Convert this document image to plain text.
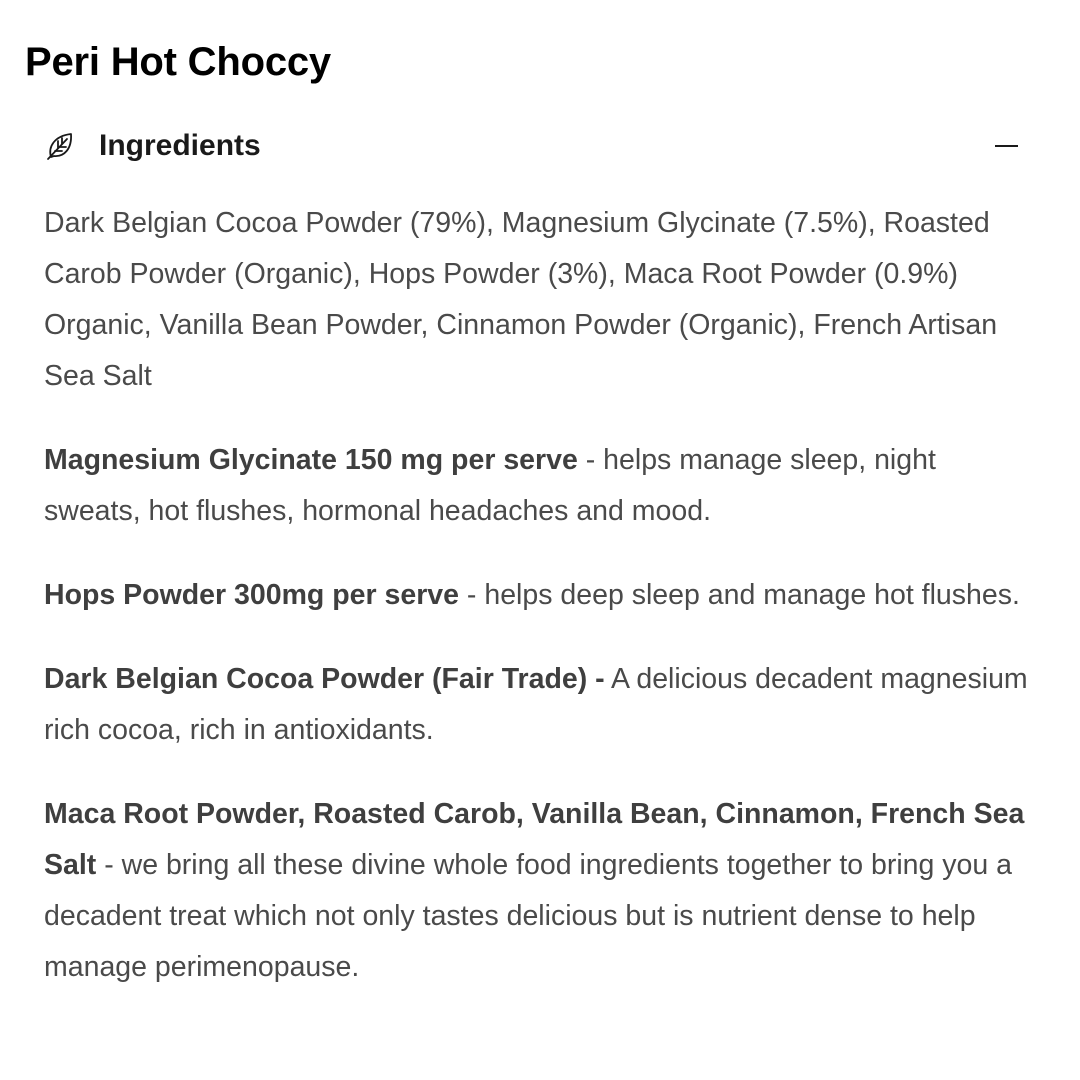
Peri Hot Choccy
Ingredients

Dark Belgian Cocoa Powder (79%), Magnesium Glycinate (7.5%), Roasted Carob Powder (Organic), Hops Powder (3%), Maca Root Powder (0.9%) Organic, Vanilla Bean Powder, Cinnamon Powder (Organic), French Artisan Sea Salt

Magnesium Glycinate 150 mg per serve - helps manage sleep, night sweats, hot flushes, hormonal headaches and mood.

Hops Powder 300mg per serve - helps deep sleep and manage hot flushes.

Dark Belgian Cocoa Powder (Fair Trade) - A delicious decadent magnesium rich cocoa, rich in antioxidants.

Maca Root Powder, Roasted Carob, Vanilla Bean, Cinnamon, French Sea Salt - we bring all these divine whole food ingredients together to bring you a decadent treat which not only tastes delicious but is nutrient dense to help manage perimenopause.
